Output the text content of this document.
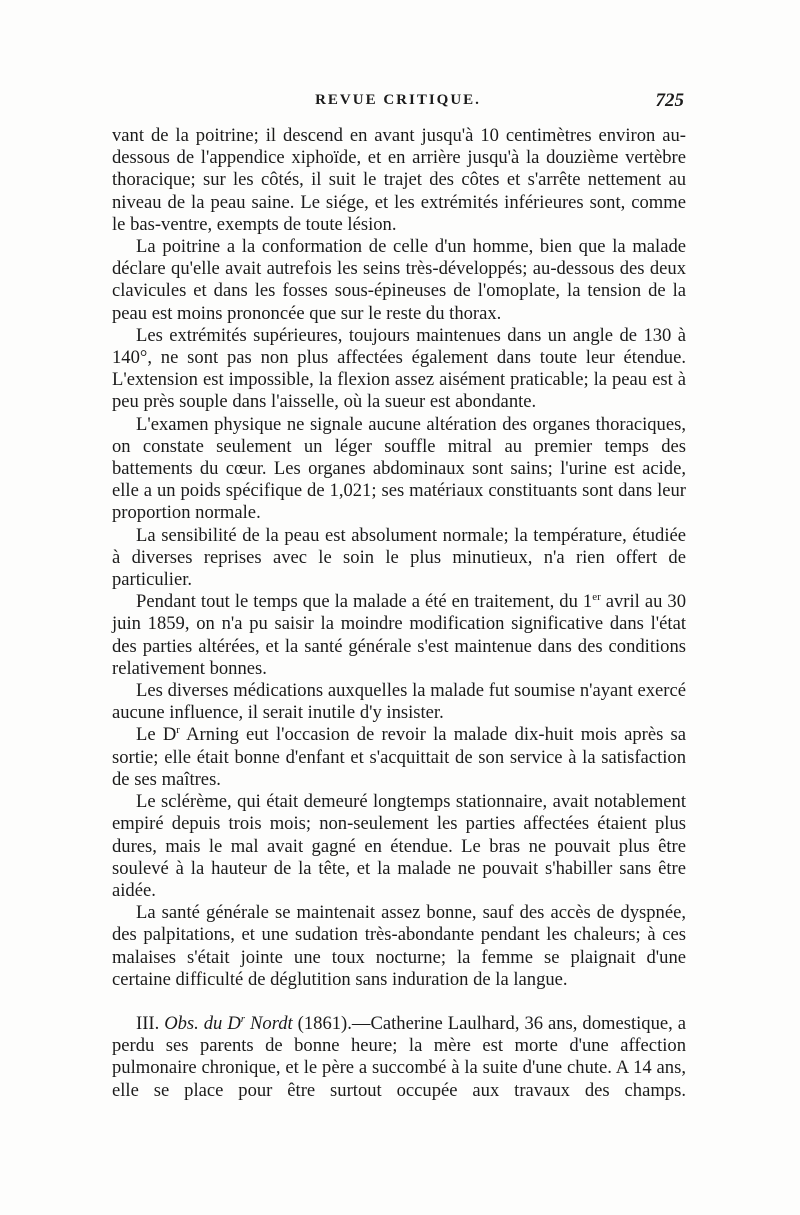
REVUE CRITIQUE.	725

vant de la poitrine; il descend en avant jusqu'à 10 centimètres environ au-dessous de l'appendice xiphoïde, et en arrière jusqu'à la douzième vertèbre thoracique; sur les côtés, il suit le trajet des côtes et s'arrête nettement au niveau de la peau saine. Le siége, et les extrémités inférieures sont, comme le bas-ventre, exempts de toute lésion.

La poitrine a la conformation de celle d'un homme, bien que la malade déclare qu'elle avait autrefois les seins très-développés; au-dessous des deux clavicules et dans les fosses sous-épineuses de l'omoplate, la tension de la peau est moins prononcée que sur le reste du thorax.

Les extrémités supérieures, toujours maintenues dans un angle de 130 à 140°, ne sont pas non plus affectées également dans toute leur étendue. L'extension est impossible, la flexion assez aisément praticable; la peau est à peu près souple dans l'aisselle, où la sueur est abondante.

L'examen physique ne signale aucune altération des organes thoraciques, on constate seulement un léger souffle mitral au premier temps des battements du cœur. Les organes abdominaux sont sains; l'urine est acide, elle a un poids spécifique de 1,021; ses matériaux constituants sont dans leur proportion normale.

La sensibilité de la peau est absolument normale; la température, étudiée à diverses reprises avec le soin le plus minutieux, n'a rien offert de particulier.

Pendant tout le temps que la malade a été en traitement, du 1er avril au 30 juin 1859, on n'a pu saisir la moindre modification significative dans l'état des parties altérées, et la santé générale s'est maintenue dans des conditions relativement bonnes.

Les diverses médications auxquelles la malade fut soumise n'ayant exercé aucune influence, il serait inutile d'y insister.

Le $D^r$ Arning eut l'occasion de revoir la malade dix-huit mois après sa sortie; elle était bonne d'enfant et s'acquittait de son service à la satisfaction de ses maîtres.

Le sclérème, qui était demeuré longtemps stationnaire, avait notablement empiré depuis trois mois; non-seulement les parties affectées étaient plus dures, mais le mal avait gagné en étendue. Le bras ne pouvait plus être soulevé à la hauteur de la tête, et la malade ne pouvait s'habiller sans être aidée.

La santé générale se maintenait assez bonne, sauf des accès de dyspnée, des palpitations, et une sudation très-abondante pendant les chaleurs; à ces malaises s'était jointe une toux nocturne; la femme se plaignait d'une certaine difficulté de déglutition sans induration de la langue.

III. Obs. du $D^r$ Nordt (1861).—Catherine Laulhard, 36 ans, domestique, a perdu ses parents de bonne heure; la mère est morte d'une affection pulmonaire chronique, et le père a succombé à la suite d'une chute. A 14 ans, elle se place pour être surtout occupée aux travaux des champs.
